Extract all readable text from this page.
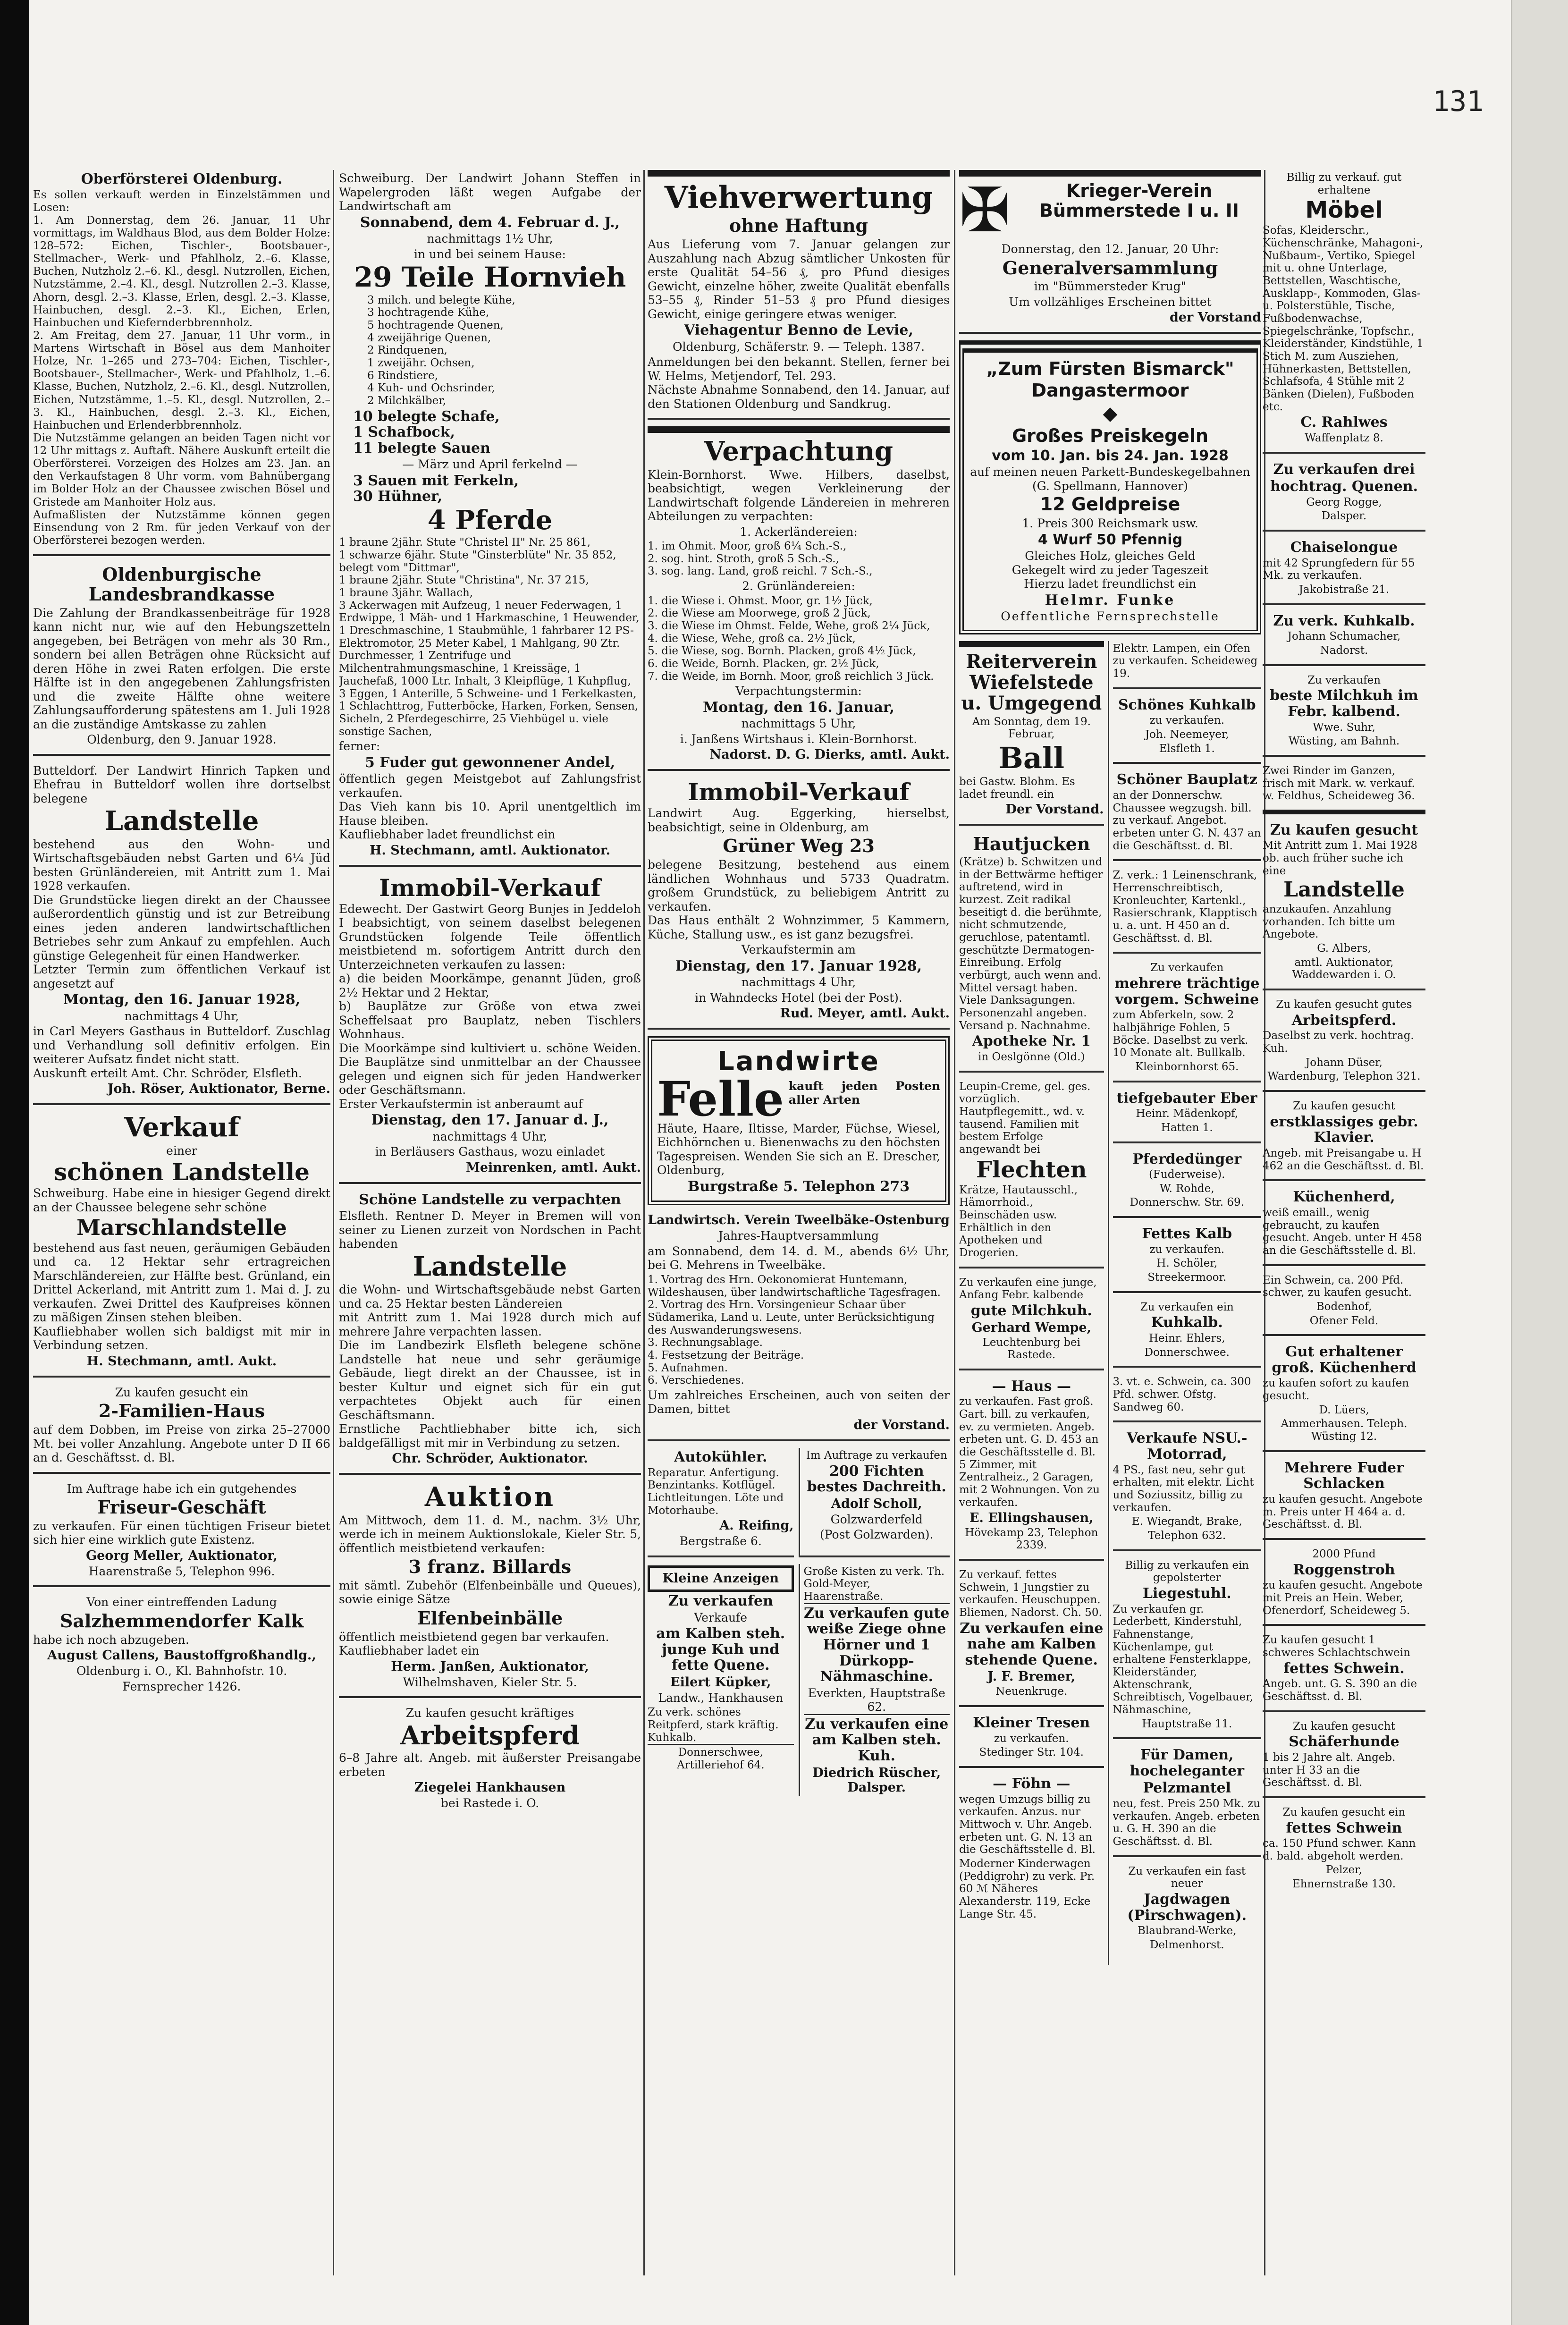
131
Oberförsterei Oldenburg.
Es sollen verkauft werden in Einzelstämmen und Losen:
1. Am Donnerstag, dem 26. Januar, 11 Uhr vormittags, im Waldhaus Blod, aus dem Bolder Holze: 128–572: Eichen, Tischler-, Bootsbauer-, Stellmacher-, Werk- und Pfahlholz, 2.–6. Klasse, Buchen, Nutzholz 2.–6. Kl., desgl. Nutzrollen, Eichen, Nutzstämme, 2.–4. Kl., desgl. Nutzrollen 2.–3. Klasse, Ahorn, desgl. 2.–3. Klasse, Erlen, desgl. 2.–3. Klasse, Hainbuchen, desgl. 2.–3. Kl., Eichen, Erlen, Hainbuchen und Kiefernderbbrennholz.
2. Am Freitag, dem 27. Januar, 11 Uhr vorm., in Martens Wirtschaft in Bösel aus dem Manhoiter Holze, Nr. 1–265 und 273–704: Eichen, Tischler-, Bootsbauer-, Stellmacher-, Werk- und Pfahlholz, 1.–6. Klasse, Buchen, Nutzholz, 2.–6. Kl., desgl. Nutzrollen, Eichen, Nutzstämme, 1.–5. Kl., desgl. Nutzrollen, 2.–3. Kl., Hainbuchen, desgl. 2.–3. Kl., Eichen, Hainbuchen und Erlenderbbrennholz.
Die Nutzstämme gelangen an beiden Tagen nicht vor 12 Uhr mittags z. Auftaft. Nähere Auskunft erteilt die Oberförsterei. Vorzeigen des Holzes am 23. Jan. an den Verkaufstagen 8 Uhr vorm. vom Bahnübergang im Bolder Holz an der Chaussee zwischen Bösel und Gristede am Manhoiter Holz aus.
Aufmaßlisten der Nutzstämme können gegen Einsendung von 2 Rm. für jeden Verkauf von der Oberförsterei bezogen werden.
Oldenburgische Landesbrandkasse
Die Zahlung der Brandkassenbeiträge für 1928 kann nicht nur, wie auf den Hebungszetteln angegeben, bei Beträgen von mehr als 30 Rm., sondern bei allen Beträgen ohne Rücksicht auf deren Höhe in zwei Raten erfolgen. Die erste Hälfte ist in den angegebenen Zahlungsfristen und die zweite Hälfte ohne weitere Zahlungsaufforderung spätestens am 1. Juli 1928 an die zuständige Amtskasse zu zahlen
Oldenburg, den 9. Januar 1928.
Butteldorf. Der Landwirt Hinrich Tapken und Ehefrau in Butteldorf wollen ihre dortselbst belegene
Landstelle
bestehend aus den Wohn- und Wirtschaftsgebäuden nebst Garten und 6¼ Jüd besten Grünländereien, mit Antritt zum 1. Mai 1928 verkaufen.
Die Grundstücke liegen direkt an der Chaussee außerordentlich günstig und ist zur Betreibung eines jeden anderen landwirtschaftlichen Betriebes sehr zum Ankauf zu empfehlen. Auch günstige Gelegenheit für einen Handwerker.
Letzter Termin zum öffentlichen Verkauf ist angesetzt auf
Montag, den 16. Januar 1928,
nachmittags 4 Uhr,
in Carl Meyers Gasthaus in Butteldorf. Zuschlag und Verhandlung soll definitiv erfolgen. Ein weiterer Aufsatz findet nicht statt.
Auskunft erteilt Amt. Chr. Schröder, Elsfleth.
Joh. Röser, Auktionator, Berne.
Verkauf
einer
schönen Landstelle
Schweiburg. Habe eine in hiesiger Gegend direkt an der Chaussee belegene sehr schöne
Marschlandstelle
bestehend aus fast neuen, geräumigen Gebäuden und ca. 12 Hektar sehr ertragreichen Marschländereien, zur Hälfte best. Grünland, ein Drittel Ackerland, mit Antritt zum 1. Mai d. J. zu verkaufen. Zwei Drittel des Kaufpreises können zu mäßigen Zinsen stehen bleiben.
Kaufliebhaber wollen sich baldigst mit mir in Verbindung setzen.
H. Stechmann, amtl. Aukt.
Zu kaufen gesucht ein
2-Familien-Haus
auf dem Dobben, im Preise von zirka 25–27000 Mt. bei voller Anzahlung. Angebote unter D II 66 an d. Geschäftsst. d. Bl.
Im Auftrage habe ich ein gutgehendes
Friseur-Geschäft
zu verkaufen. Für einen tüchtigen Friseur bietet sich hier eine wirklich gute Existenz.
Georg Meller, Auktionator,
Haarenstraße 5, Telephon 996.
Von einer eintreffenden Ladung
Salzhemmendorfer Kalk
habe ich noch abzugeben.
August Callens, Baustoffgroßhandlg.,
Oldenburg i. O., Kl. Bahnhofstr. 10.
Fernsprecher 1426.
Schweiburg. Der Landwirt Johann Steffen in Wapelergroden läßt wegen Aufgabe der Landwirtschaft am
Sonnabend, dem 4. Februar d. J.,
nachmittags 1½ Uhr,
in und bei seinem Hause:
29 Teile Hornvieh
3 milch. und belegte Kühe,
3 hochtragende Kühe,
5 hochtragende Quenen,
4 zweijährige Quenen,
2 Rindquenen,
1 zweijähr. Ochsen,
6 Rindstiere,
4 Kuh- und Ochsrinder,
2 Milchkälber,
10 belegte Schafe,
1 Schafbock,
11 belegte Sauen
— März und April ferkelnd —
3 Sauen mit Ferkeln,
30 Hühner,
4 Pferde
1 braune 2jähr. Stute "Christel II" Nr. 25 861,
1 schwarze 6jähr. Stute "Ginsterblüte" Nr. 35 852, belegt vom "Dittmar",
1 braune 2jähr. Stute "Christina", Nr. 37 215,
1 braune 3jähr. Wallach,
3 Ackerwagen mit Aufzeug, 1 neuer Federwagen, 1 Erdwippe, 1 Mäh- und 1 Harkmaschine, 1 Heuwender, 1 Dreschmaschine, 1 Staubmühle, 1 fahrbarer 12 PS-Elektromotor, 25 Meter Kabel, 1 Mahlgang, 90 Ztr. Durchmesser, 1 Zentrifuge und Milchentrahmungsmaschine, 1 Kreissäge, 1 Jauchefaß, 1000 Ltr. Inhalt, 3 Kleipflüge, 1 Kuhpflug, 3 Eggen, 1 Anterille, 5 Schweine- und 1 Ferkelkasten, 1 Schlachttrog, Futterböcke, Harken, Forken, Sensen, Sicheln, 2 Pferdegeschirre, 25 Viehbügel u. viele sonstige Sachen,
ferner:
5 Fuder gut gewonnener Andel,
öffentlich gegen Meistgebot auf Zahlungsfrist verkaufen.
Das Vieh kann bis 10. April unentgeltlich im Hause bleiben.
Kaufliebhaber ladet freundlichst ein
H. Stechmann, amtl. Auktionator.
Immobil-Verkauf
Edewecht. Der Gastwirt Georg Bunjes in Jeddeloh I beabsichtigt, von seinem daselbst belegenen Grundstücken folgende Teile öffentlich meistbietend m. sofortigem Antritt durch den Unterzeichneten verkaufen zu lassen:
a) die beiden Moorkämpe, genannt Jüden, groß 2½ Hektar und 2 Hektar,
b) Bauplätze zur Größe von etwa zwei Scheffelsaat pro Bauplatz, neben Tischlers Wohnhaus.
Die Moorkämpe sind kultiviert u. schöne Weiden. Die Bauplätze sind unmittelbar an der Chaussee gelegen und eignen sich für jeden Handwerker oder Geschäftsmann.
Erster Verkaufstermin ist anberaumt auf
Dienstag, den 17. Januar d. J.,
nachmittags 4 Uhr,
in Berläusers Gasthaus, wozu einladet
Meinrenken, amtl. Aukt.
Schöne Landstelle zu verpachten
Elsfleth. Rentner D. Meyer in Bremen will von seiner zu Lienen zurzeit von Nordschen in Pacht habenden
Landstelle
die Wohn- und Wirtschaftsgebäude nebst Garten und ca. 25 Hektar besten Ländereien
mit Antritt zum 1. Mai 1928 durch mich auf mehrere Jahre verpachten lassen.
Die im Landbezirk Elsfleth belegene schöne Landstelle hat neue und sehr geräumige Gebäude, liegt direkt an der Chaussee, ist in bester Kultur und eignet sich für ein gut verpachtetes Objekt auch für einen Geschäftsmann.
Ernstliche Pachtliebhaber bitte ich, sich baldgefälligst mit mir in Verbindung zu setzen.
Chr. Schröder, Auktionator.
Auktion
Am Mittwoch, dem 11. d. M., nachm. 3½ Uhr, werde ich in meinem Auktionslokale, Kieler Str. 5, öffentlich meistbietend verkaufen:
3 franz. Billards
mit sämtl. Zubehör (Elfenbeinbälle und Queues), sowie einige Sätze
Elfenbeinbälle
öffentlich meistbietend gegen bar verkaufen.
Kaufliebhaber ladet ein
Herm. Janßen, Auktionator,
Wilhelmshaven, Kieler Str. 5.
Zu kaufen gesucht kräftiges
Arbeitspferd
6–8 Jahre alt. Angeb. mit äußerster Preisangabe erbeten
Ziegelei Hankhausen
bei Rastede i. O.
Viehverwertung
ohne Haftung
Aus Lieferung vom 7. Januar gelangen zur Auszahlung nach Abzug sämtlicher Unkosten für erste Qualität 54–56 ₰, pro Pfund diesiges Gewicht, einzelne höher, zweite Qualität ebenfalls 53–55 ₰, Rinder 51–53 ₰ pro Pfund diesiges Gewicht, einige geringere etwas weniger.
Viehagentur Benno de Levie,
Oldenburg, Schäferstr. 9. — Teleph. 1387.
Anmeldungen bei den bekannt. Stellen, ferner bei W. Helms, Metjendorf, Tel. 293.
Nächste Abnahme Sonnabend, den 14. Januar, auf den Stationen Oldenburg und Sandkrug.
Verpachtung
Klein-Bornhorst. Wwe. Hilbers, daselbst, beabsichtigt, wegen Verkleinerung der Landwirtschaft folgende Ländereien in mehreren Abteilungen zu verpachten:
1. Ackerländereien:
1. im Ohmit. Moor, groß 6¼ Sch.-S.,
2. sog. hint. Stroth, groß 5 Sch.-S.,
3. sog. lang. Land, groß reichl. 7 Sch.-S.,
2. Grünländereien:
1. die Wiese i. Ohmst. Moor, gr. 1½ Jück,
2. die Wiese am Moorwege, groß 2 Jück,
3. die Wiese im Ohmst. Felde, Wehe, groß 2¼ Jück,
4. die Wiese, Wehe, groß ca. 2½ Jück,
5. die Wiese, sog. Bornh. Placken, groß 4½ Jück,
6. die Weide, Bornh. Placken, gr. 2½ Jück,
7. die Weide, im Bornh. Moor, groß reichlich 3 Jück.
Verpachtungstermin:
Montag, den 16. Januar,
nachmittags 5 Uhr,
i. Janßens Wirtshaus i. Klein-Bornhorst.
Nadorst. D. G. Dierks, amtl. Aukt.
Immobil-Verkauf
Landwirt Aug. Eggerking, hierselbst, beabsichtigt, seine in Oldenburg, am
Grüner Weg 23
belegene Besitzung, bestehend aus einem ländlichen Wohnhaus und 5733 Quadratm. großem Grundstück, zu beliebigem Antritt zu verkaufen.
Das Haus enthält 2 Wohnzimmer, 5 Kammern, Küche, Stallung usw., es ist ganz bezugsfrei.
Verkaufstermin am
Dienstag, den 17. Januar 1928,
nachmittags 4 Uhr,
in Wahndecks Hotel (bei der Post).
Rud. Meyer, amtl. Aukt.
Landwirte
Felle kauft jeden Posten aller Arten
Häute, Haare, Iltisse, Marder, Füchse, Wiesel, Eichhörnchen u. Bienenwachs zu den höchsten Tagespreisen. Wenden Sie sich an E. Drescher, Oldenburg,
Burgstraße 5. Telephon 273
Landwirtsch. Verein Tweelbäke-Ostenburg
Jahres-Hauptversammlung
am Sonnabend, dem 14. d. M., abends 6½ Uhr, bei G. Mehrens in Tweelbäke.
1. Vortrag des Hrn. Oekonomierat Huntemann, Wildeshausen, über landwirtschaftliche Tagesfragen.
2. Vortrag des Hrn. Vorsingenieur Schaar über Südamerika, Land u. Leute, unter Berücksichtigung des Auswanderungswesens.
3. Rechnungsablage.
4. Festsetzung der Beiträge.
5. Aufnahmen.
6. Verschiedenes.
Um zahlreiches Erscheinen, auch von seiten der Damen, bittet
der Vorstand.
Autokühler.
Reparatur. Anfertigung. Benzintanks. Kotflügel. Lichtleitungen. Löte und Motorhaube.
A. Reifing,
Bergstraße 6.
Im Auftrage zu verkaufen
200 Fichten bestes Dachreith.
Adolf Scholl,
Golzwarderfeld
(Post Golzwarden).
Kleine Anzeigen
Zu verkaufen
Verkaufe
am Kalben steh. junge Kuh und fette Quene.
Eilert Küpker,
Landw., Hankhausen
Zu verk. schönes Reitpferd, stark kräftig. Kuhkalb.
Donnerschwee, Artilleriehof 64.
Große Kisten zu verk. Th. Gold-Meyer, Haarenstraße.
Zu verkaufen gute weiße Ziege ohne Hörner und 1 Dürkopp-Nähmaschine.
Everkten, Hauptstraße 62.
Zu verkaufen eine am Kalben steh. Kuh.
Diedrich Rüscher, Dalsper.
✠	Krieger-Verein Bümmerstede I u. II
Donnerstag, den 12. Januar, 20 Uhr:
Generalversammlung
im "Bümmersteder Krug"
Um vollzähliges Erscheinen bittet
der Vorstand
„Zum Fürsten Bismarck"
Dangastermoor
◆
Großes Preiskegeln
vom 10. Jan. bis 24. Jan. 1928
auf meinen neuen Parkett-Bundeskegelbahnen (G. Spellmann, Hannover)
12 Geldpreise
1. Preis 300 Reichsmark usw.
4 Wurf 50 Pfennig
Gleiches Holz, gleiches Geld
Gekegelt wird zu jeder Tageszeit
Hierzu ladet freundlichst ein
Helmr. Funke
Oeffentliche Fernsprechstelle
Reiterverein Wiefelstede u. Umgegend
Am Sonntag, dem 19. Februar,
Ball
bei Gastw. Blohm. Es ladet freundl. ein
Der Vorstand.
Hautjucken
(Krätze) b. Schwitzen und in der Bettwärme heftiger auftretend, wird in kurzest. Zeit radikal beseitigt d. die berühmte, nicht schmutzende, geruchlose, patentamtl. geschützte Dermatogen-Einreibung. Erfolg verbürgt, auch wenn and. Mittel versagt haben. Viele Danksagungen. Personenzahl angeben. Versand p. Nachnahme.
Apotheke Nr. 1
in Oeslgönne (Old.)
Leupin-Creme, gel. ges. vorzüglich. Hautpflegemitt., wd. v. tausend. Familien mit bestem Erfolge angewandt bei
Flechten
Krätze, Hautausschl., Hämorrhoid., Beinschäden usw. Erhältlich in den Apotheken und Drogerien.
Zu verkaufen eine junge, Anfang Febr. kalbende
gute Milchkuh.
Gerhard Wempe,
Leuchtenburg bei Rastede.
— Haus —
zu verkaufen. Fast groß. Gart. bill. zu verkaufen, ev. zu vermieten. Angeb. erbeten unt. G. D. 453 an die Geschäftsstelle d. Bl. 5 Zimmer, mit Zentralheiz., 2 Garagen, mit 2 Wohnungen. Von zu verkaufen.
E. Ellingshausen,
Hövekamp 23, Telephon 2339.
Zu verkauf. fettes Schwein, 1 Jungstier zu verkaufen. Heuschuppen. Bliemen, Nadorst. Ch. 50.
Zu verkaufen eine nahe am Kalben stehende Quene.
J. F. Bremer,
Neuenkruge.
Kleiner Tresen
zu verkaufen.
Stedinger Str. 104.
— Föhn —
wegen Umzugs billig zu verkaufen. Anzus. nur Mittwoch v. Uhr. Angeb. erbeten unt. G. N. 13 an die Geschäftsstelle d. Bl.
Moderner Kinderwagen (Peddigrohr) zu verk. Pr. 60 ℳ Näheres Alexanderstr. 119, Ecke Lange Str. 45.
Elektr. Lampen, ein Ofen zu verkaufen. Scheideweg 19.
Schönes Kuhkalb
zu verkaufen.
Joh. Neemeyer,
Elsfleth 1.
Schöner Bauplatz
an der Donnerschw. Chaussee wegzugsh. bill. zu verkauf. Angebot. erbeten unter G. N. 437 an die Geschäftsst. d. Bl.
Z. verk.: 1 Leinenschrank, Herrenschreibtisch, Kronleuchter, Kartenkl., Rasierschrank, Klapptisch u. a. unt. H 450 an d. Geschäftsst. d. Bl.
Zu verkaufen
mehrere trächtige vorgem. Schweine
zum Abferkeln, sow. 2 halbjährige Fohlen, 5 Böcke. Daselbst zu verk. 10 Monate alt. Bullkalb.
Kleinbornhorst 65.
tiefgebauter Eber
Heinr. Mädenkopf,
Hatten 1.
Pferdedünger
(Fuderweise).
W. Rohde,
Donnerschw. Str. 69.
Fettes Kalb
zu verkaufen.
H. Schöler,
Streekermoor.
Zu verkaufen ein
Kuhkalb.
Heinr. Ehlers,
Donnerschwee.
3. vt. e. Schwein, ca. 300 Pfd. schwer. Ofstg. Sandweg 60.
Verkaufe NSU.-Motorrad,
4 PS., fast neu, sehr gut erhalten, mit elektr. Licht und Soziussitz, billig zu verkaufen.
E. Wiegandt, Brake,
Telephon 632.
Billig zu verkaufen ein gepolsterter
Liegestuhl.
Zu verkaufen gr. Lederbett, Kinderstuhl, Fahnenstange, Küchenlampe, gut erhaltene Fensterklappe, Kleiderständer, Aktenschrank, Schreibtisch, Vogelbauer, Nähmaschine,
Hauptstraße 11.
Für Damen, hocheleganter
Pelzmantel
neu, fest. Preis 250 Mk. zu verkaufen. Angeb. erbeten u. G. H. 390 an die Geschäftsst. d. Bl.
Zu verkaufen ein fast neuer
Jagdwagen (Pirschwagen).
Blaubrand-Werke,
Delmenhorst.
Billig zu verkauf. gut erhaltene
Möbel
Sofas, Kleiderschr., Küchenschränke, Mahagoni-, Nußbaum-, Vertiko, Spiegel mit u. ohne Unterlage, Bettstellen, Waschtische, Ausklapp-, Kommoden, Glas- u. Polsterstühle, Tische, Fußbodenwachse, Spiegelschränke, Topfschr., Kleiderständer, Kindstühle, 1 Stich M. zum Ausziehen, Hühnerkasten, Bettstellen, Schlafsofa, 4 Stühle mit 2 Bänken (Dielen), Fußboden etc.
C. Rahlwes
Waffenplatz 8.
Zu verkaufen drei
hochtrag. Quenen.
Georg Rogge,
Dalsper.
Chaiselongue
mit 42 Sprungfedern für 55 Mk. zu verkaufen.
Jakobistraße 21.
Zu verk. Kuhkalb.
Johann Schumacher,
Nadorst.
Zu verkaufen
beste Milchkuh im Febr. kalbend.
Wwe. Suhr,
Wüsting, am Bahnh.
Zwei Rinder im Ganzen, frisch mit Mark. w. verkauf. w. Feldhus, Scheideweg 36.
Zu kaufen gesucht
Mit Antritt zum 1. Mai 1928 ob. auch früher suche ich eine
Landstelle
anzukaufen. Anzahlung vorhanden. Ich bitte um Angebote.
G. Albers,
amtl. Auktionator, Waddewarden i. O.
Zu kaufen gesucht gutes
Arbeitspferd.
Daselbst zu verk. hochtrag. Kuh.
Johann Düser,
Wardenburg, Telephon 321.
Zu kaufen gesucht
erstklassiges gebr. Klavier.
Angeb. mit Preisangabe u. H 462 an die Geschäftsst. d. Bl.
Küchenherd,
weiß emaill., wenig gebraucht, zu kaufen gesucht. Angeb. unter H 458 an die Geschäftsstelle d. Bl.
Ein Schwein, ca. 200 Pfd. schwer, zu kaufen gesucht.
Bodenhof,
Ofener Feld.
Gut erhaltener groß. Küchenherd
zu kaufen sofort zu kaufen gesucht.
D. Lüers,
Ammerhausen. Teleph. Wüsting 12.
Mehrere Fuder Schlacken
zu kaufen gesucht. Angebote m. Preis unter H 464 a. d. Geschäftsst. d. Bl.
2000 Pfund
Roggenstroh
zu kaufen gesucht. Angebote mit Preis an Hein. Weber, Ofenerdorf, Scheideweg 5.
Zu kaufen gesucht 1 schweres Schlachtschwein
fettes Schwein.
Angeb. unt. G. S. 390 an die Geschäftsst. d. Bl.
Zu kaufen gesucht
Schäferhunde
1 bis 2 Jahre alt. Angeb. unter H 33 an die Geschäftsst. d. Bl.
Zu kaufen gesucht ein
fettes Schwein
ca. 150 Pfund schwer. Kann d. bald. abgeholt werden.
Pelzer,
Ehnernstraße 130.
